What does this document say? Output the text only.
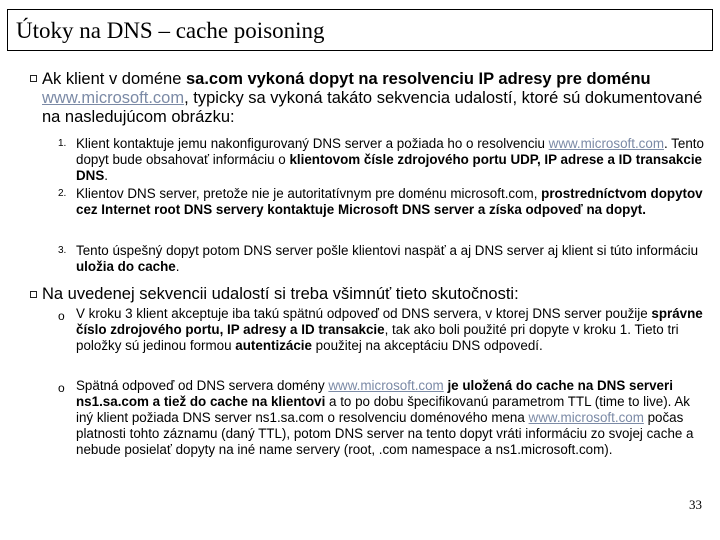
Útoky na DNS – cache poisoning
Ak klient v doméne sa.com vykoná dopyt na resolvenciu IP adresy pre doménu www.microsoft.com, typicky sa vykoná takáto sekvencia udalostí, ktoré sú dokumentované na nasledujúcom obrázku:
1. Klient kontaktuje jemu nakonfigurovaný DNS server a požiada ho o resolvenciu www.microsoft.com. Tento dopyt bude obsahovať informáciu o klientovom čísle zdrojového portu UDP, IP adrese a ID transakcie DNS.
2. Klientov DNS server, pretože nie je autoritatívnym pre doménu microsoft.com, prostredníctvom dopytov cez Internet root DNS servery kontaktuje Microsoft DNS server a získa odpoveď na dopyt.
3. Tento úspešný dopyt potom DNS server pošle klientovi naspäť a aj DNS server aj klient si túto informáciu uložia do cache.
Na uvedenej sekvencii udalostí si treba všimnúť tieto skutočnosti:
o V kroku 3 klient akceptuje iba takú spätnú odpoveď od DNS servera, v ktorej DNS server použije správne číslo zdrojového portu, IP adresy a ID transakcie, tak ako boli použité pri dopyte v kroku 1. Tieto tri položky sú jedinou formou autentizácie použitej na akceptáciu DNS odpovedí.
o Spätná odpoveď od DNS servera domény www.microsoft.com je uložená do cache na DNS serveri ns1.sa.com a tiež do cache na klientovi a to po dobu špecifikovanú parametrom TTL (time to live). Ak iný klient požiada DNS server ns1.sa.com o resolvenciu doménového mena www.microsoft.com počas platnosti tohto záznamu (daný TTL), potom DNS server na tento dopyt vráti informáciu zo svojej cache a nebude posielať dopyty na iné name servery (root, .com namespace a ns1.microsoft.com).
33
